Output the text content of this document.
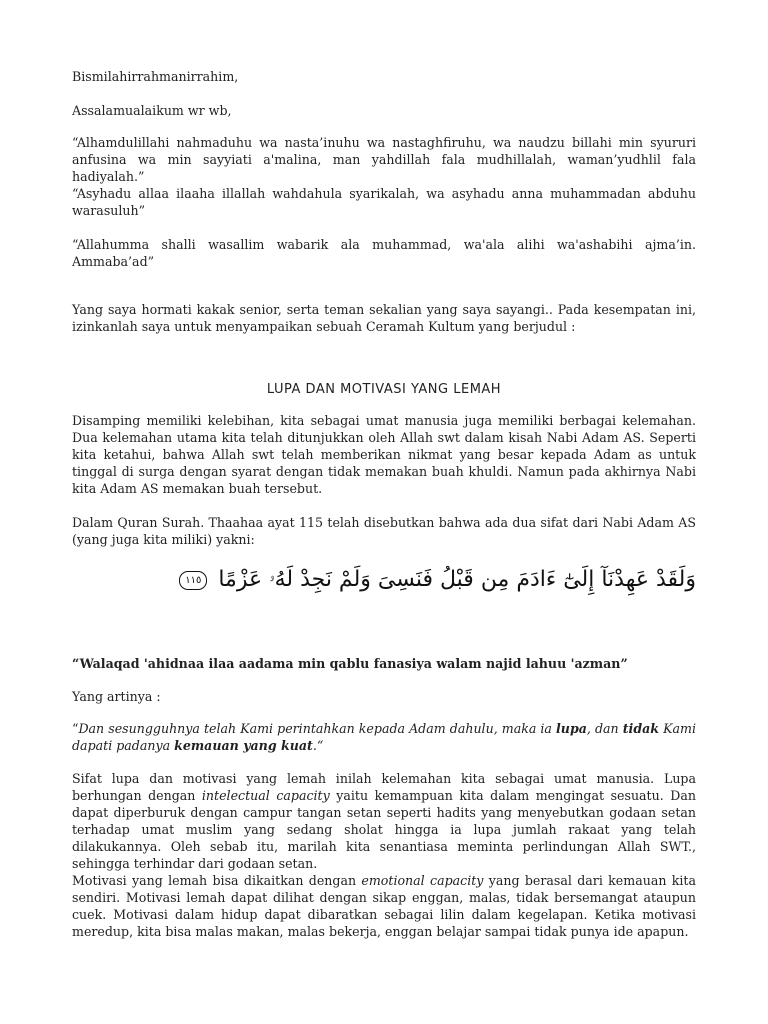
Bismilahirrahmanirrahim,

Assalamualaikum wr wb,

“Alhamdulillahi nahmaduhu wa nasta’inuhu wa nastaghfiruhu, wa naudzu billahi min syururi anfusina wa min sayyiati a'malina, man yahdillah fala mudhillalah, waman’yudhlil fala hadiyalah.”

“Asyhadu allaa ilaaha illallah wahdahula syarikalah, wa asyhadu anna muhammadan abduhu warasuluh”

“Allahumma shalli wasallim wabarik ala muhammad, wa'ala alihi wa'ashabihi ajma’in. Ammaba’ad”

Yang saya hormati kakak senior, serta teman sekalian yang saya sayangi.. Pada kesempatan ini, izinkanlah saya untuk menyampaikan sebuah Ceramah Kultum yang berjudul :

LUPA DAN MOTIVASI YANG LEMAH

Disamping memiliki kelebihan, kita sebagai umat manusia juga memiliki berbagai kelemahan. Dua kelemahan utama kita telah ditunjukkan oleh Allah swt dalam kisah Nabi Adam AS. Seperti kita ketahui, bahwa Allah swt telah memberikan nikmat yang besar kepada Adam as untuk tinggal di surga dengan syarat dengan tidak memakan buah khuldi. Namun pada akhirnya Nabi kita Adam AS memakan buah tersebut.

Dalam Quran Surah. Thaahaa ayat 115 telah disebutkan bahwa ada dua sifat dari Nabi Adam AS (yang juga kita miliki) yakni:

وَلَقَدْ عَهِدْنَآ إِلَىٰٓ ءَادَمَ مِن قَبْلُ فَنَسِىَ وَلَمْ نَجِدْ لَهُۥ عَزْمًا ١١٥

“Walaqad 'ahidnaa ilaa aadama min qablu fanasiya walam najid lahuu 'azman”

Yang artinya :

“Dan sesungguhnya telah Kami perintahkan kepada Adam dahulu, maka ia lupa, dan tidak Kami dapati padanya kemauan yang kuat.“

Sifat lupa dan motivasi yang lemah inilah kelemahan kita sebagai umat manusia. Lupa berhungan dengan intelectual capacity yaitu kemampuan kita dalam mengingat sesuatu. Dan dapat diperburuk dengan campur tangan setan seperti hadits yang menyebutkan godaan setan terhadap umat muslim yang sedang sholat hingga ia lupa jumlah rakaat yang telah dilakukannya. Oleh sebab itu, marilah kita senantiasa meminta perlindungan Allah SWT., sehingga terhindar dari godaan setan.

Motivasi yang lemah bisa dikaitkan dengan emotional capacity yang berasal dari kemauan kita sendiri. Motivasi lemah dapat dilihat dengan sikap enggan, malas, tidak bersemangat ataupun cuek. Motivasi dalam hidup dapat dibaratkan sebagai lilin dalam kegelapan. Ketika motivasi meredup, kita bisa malas makan, malas bekerja, enggan belajar sampai tidak punya ide apapun.
